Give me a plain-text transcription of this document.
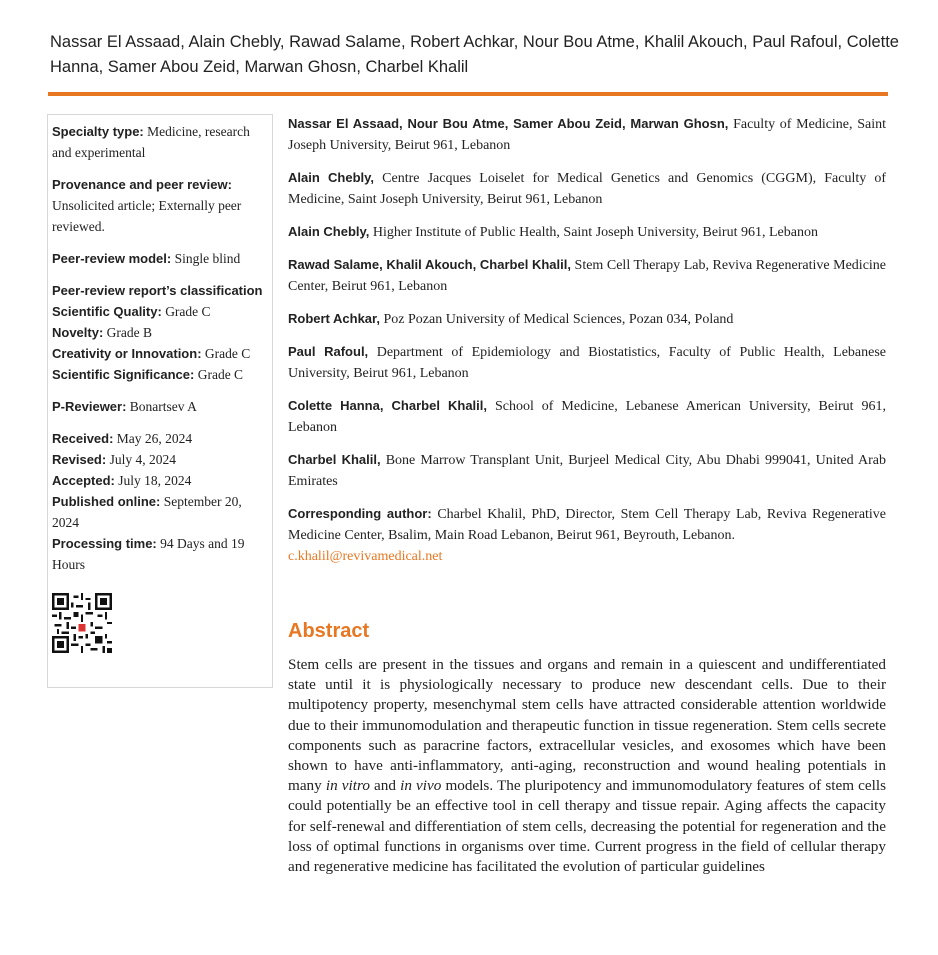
Nassar El Assaad, Alain Chebly, Rawad Salame, Robert Achkar, Nour Bou Atme, Khalil Akouch, Paul Rafoul, Colette Hanna, Samer Abou Zeid, Marwan Ghosn, Charbel Khalil

Specialty type: Medicine, research and experimental

Provenance and peer review:
Unsolicited article; Externally peer reviewed.

Peer-review model: Single blind

Peer-review report’s classification

Scientific Quality: Grade C

Novelty: Grade B

Creativity or Innovation: Grade C

Scientific Significance: Grade C

P-Reviewer: Bonartsev A

Received: May 26, 2024

Revised: July 4, 2024

Accepted: July 18, 2024

Published online: September 20, 2024

Processing time: 94 Days and 19 Hours

Nassar El Assaad, Nour Bou Atme, Samer Abou Zeid, Marwan Ghosn, Faculty of Medicine, Saint Joseph University, Beirut 961, Lebanon

Alain Chebly, Centre Jacques Loiselet for Medical Genetics and Genomics (CGGM), Faculty of Medicine, Saint Joseph University, Beirut 961, Lebanon

Alain Chebly, Higher Institute of Public Health, Saint Joseph University, Beirut 961, Lebanon

Rawad Salame, Khalil Akouch, Charbel Khalil, Stem Cell Therapy Lab, Reviva Regenerative Medicine Center, Beirut 961, Lebanon

Robert Achkar, Poz Pozan University of Medical Sciences, Pozan 034, Poland

Paul Rafoul, Department of Epidemiology and Biostatistics, Faculty of Public Health, Lebanese University, Beirut 961, Lebanon

Colette Hanna, Charbel Khalil, School of Medicine, Lebanese American University, Beirut 961, Lebanon

Charbel Khalil, Bone Marrow Transplant Unit, Burjeel Medical City, Abu Dhabi 999041, United Arab Emirates

Corresponding author: Charbel Khalil, PhD, Director, Stem Cell Therapy Lab, Reviva Regenerative Medicine Center, Bsalim, Main Road Lebanon, Beirut 961, Beyrouth, Lebanon.

c.khalil@revivamedical.net
Abstract

Stem cells are present in the tissues and organs and remain in a quiescent and undifferentiated state until it is physiologically necessary to produce new descendant cells. Due to their multipotency property, mesenchymal stem cells have attracted considerable attention worldwide due to their immunomodulation and therapeutic function in tissue regeneration. Stem cells secrete components such as paracrine factors, extracellular vesicles, and exosomes which have been shown to have anti-inflammatory, anti-aging, reconstruction and wound healing potentials in many in vitro and in vivo models. The pluripotency and immunomodulatory features of stem cells could potentially be an effective tool in cell therapy and tissue repair. Aging affects the capacity for self-renewal and differentiation of stem cells, decreasing the potential for regeneration and the loss of optimal functions in organisms over time. Current progress in the field of cellular therapy and regenerative medicine has facilitated the evolution of particular guidelines
